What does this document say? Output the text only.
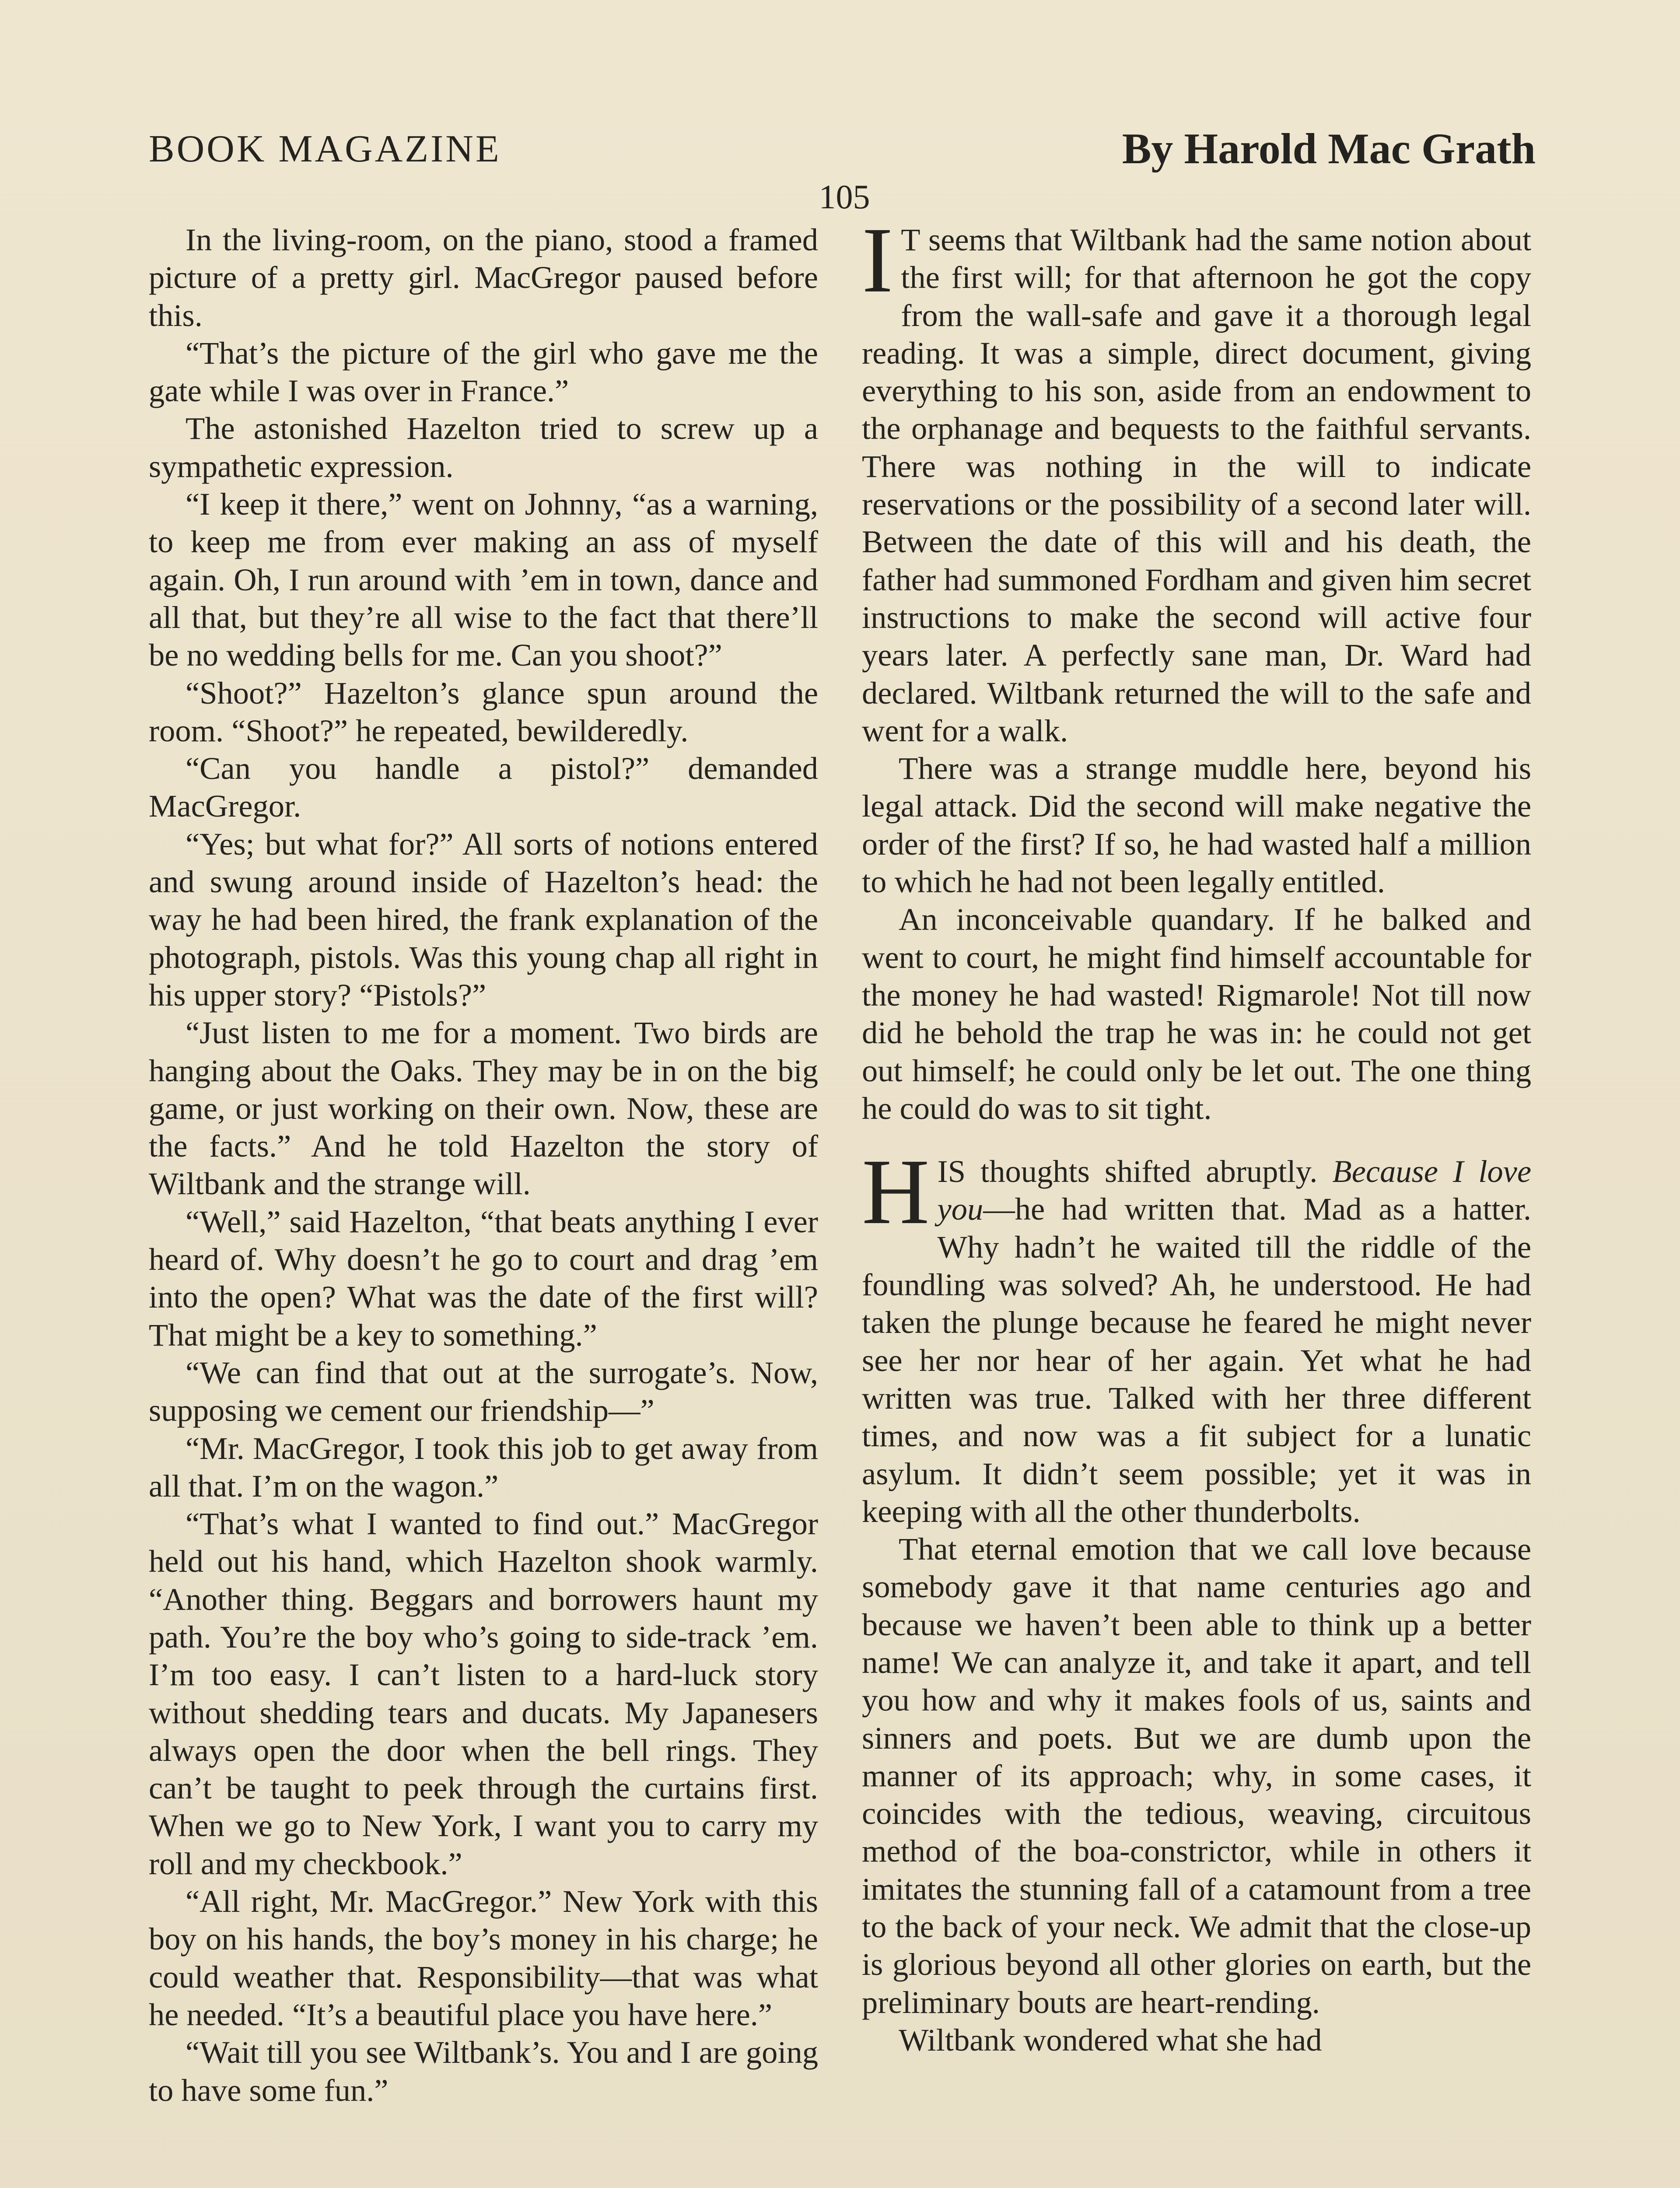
BOOK MAGAZINE	By Harold Mac Grath
105

In the living-room, on the piano, stood a framed picture of a pretty girl. MacGregor paused before this.

“That’s the picture of the girl who gave me the gate while I was over in France.”

The astonished Hazelton tried to screw up a sympathetic expression.

“I keep it there,” went on Johnny, “as a warning, to keep me from ever making an ass of myself again. Oh, I run around with ’em in town, dance and all that, but they’re all wise to the fact that there’ll be no wedding bells for me. Can you shoot?”

“Shoot?” Hazelton’s glance spun around the room. “Shoot?” he repeated, bewilderedly.

“Can you handle a pistol?” demanded MacGregor.

“Yes; but what for?” All sorts of notions entered and swung around inside of Hazelton’s head: the way he had been hired, the frank explanation of the photograph, pistols. Was this young chap all right in his upper story? “Pistols?”

“Just listen to me for a moment. Two birds are hanging about the Oaks. They may be in on the big game, or just working on their own. Now, these are the facts.” And he told Hazelton the story of Wiltbank and the strange will.

“Well,” said Hazelton, “that beats anything I ever heard of. Why doesn’t he go to court and drag ’em into the open? What was the date of the first will? That might be a key to something.”

“We can find that out at the surrogate’s. Now, supposing we cement our friendship—”

“Mr. MacGregor, I took this job to get away from all that. I’m on the wagon.”

“That’s what I wanted to find out.” MacGregor held out his hand, which Hazelton shook warmly. “Another thing. Beggars and borrowers haunt my path. You’re the boy who’s going to side-track ’em. I’m too easy. I can’t listen to a hard-luck story without shedding tears and ducats. My Japanesers always open the door when the bell rings. They can’t be taught to peek through the curtains first. When we go to New York, I want you to carry my roll and my checkbook.”

“All right, Mr. MacGregor.” New York with this boy on his hands, the boy’s money in his charge; he could weather that. Responsibility—that was what he needed. “It’s a beautiful place you have here.”

“Wait till you see Wiltbank’s. You and I are going to have some fun.”

I T seems that Wiltbank had the same notion about the first will; for that afternoon he got the copy from the wall-safe and gave it a thorough legal reading. It was a simple, direct document, giving everything to his son, aside from an endowment to the orphanage and bequests to the faithful servants. There was nothing in the will to indicate reservations or the possibility of a second later will. Between the date of this will and his death, the father had summoned Fordham and given him secret instructions to make the second will active four years later. A perfectly sane man, Dr. Ward had declared. Wiltbank returned the will to the safe and went for a walk.

There was a strange muddle here, beyond his legal attack. Did the second will make negative the order of the first? If so, he had wasted half a million to which he had not been legally entitled.

An inconceivable quandary. If he balked and went to court, he might find himself accountable for the money he had wasted! Rigmarole! Not till now did he behold the trap he was in: he could not get out himself; he could only be let out. The one thing he could do was to sit tight.

HIS thoughts shifted abruptly. Because I love you—he had written that. Mad as a hatter. Why hadn’t he waited till the riddle of the foundling was solved? Ah, he understood. He had taken the plunge because he feared he might never see her nor hear of her again. Yet what he had written was true. Talked with her three different times, and now was a fit subject for a lunatic asylum. It didn’t seem possible; yet it was in keeping with all the other thunderbolts.

That eternal emotion that we call love because somebody gave it that name centuries ago and because we haven’t been able to think up a better name! We can analyze it, and take it apart, and tell you how and why it makes fools of us, saints and sinners and poets. But we are dumb upon the manner of its approach; why, in some cases, it coincides with the tedious, weaving, circuitous method of the boa-constrictor, while in others it imitates the stunning fall of a catamount from a tree to the back of your neck. We admit that the close-up is glorious beyond all other glories on earth, but the preliminary bouts are heart-rending.

Wiltbank wondered what she had
